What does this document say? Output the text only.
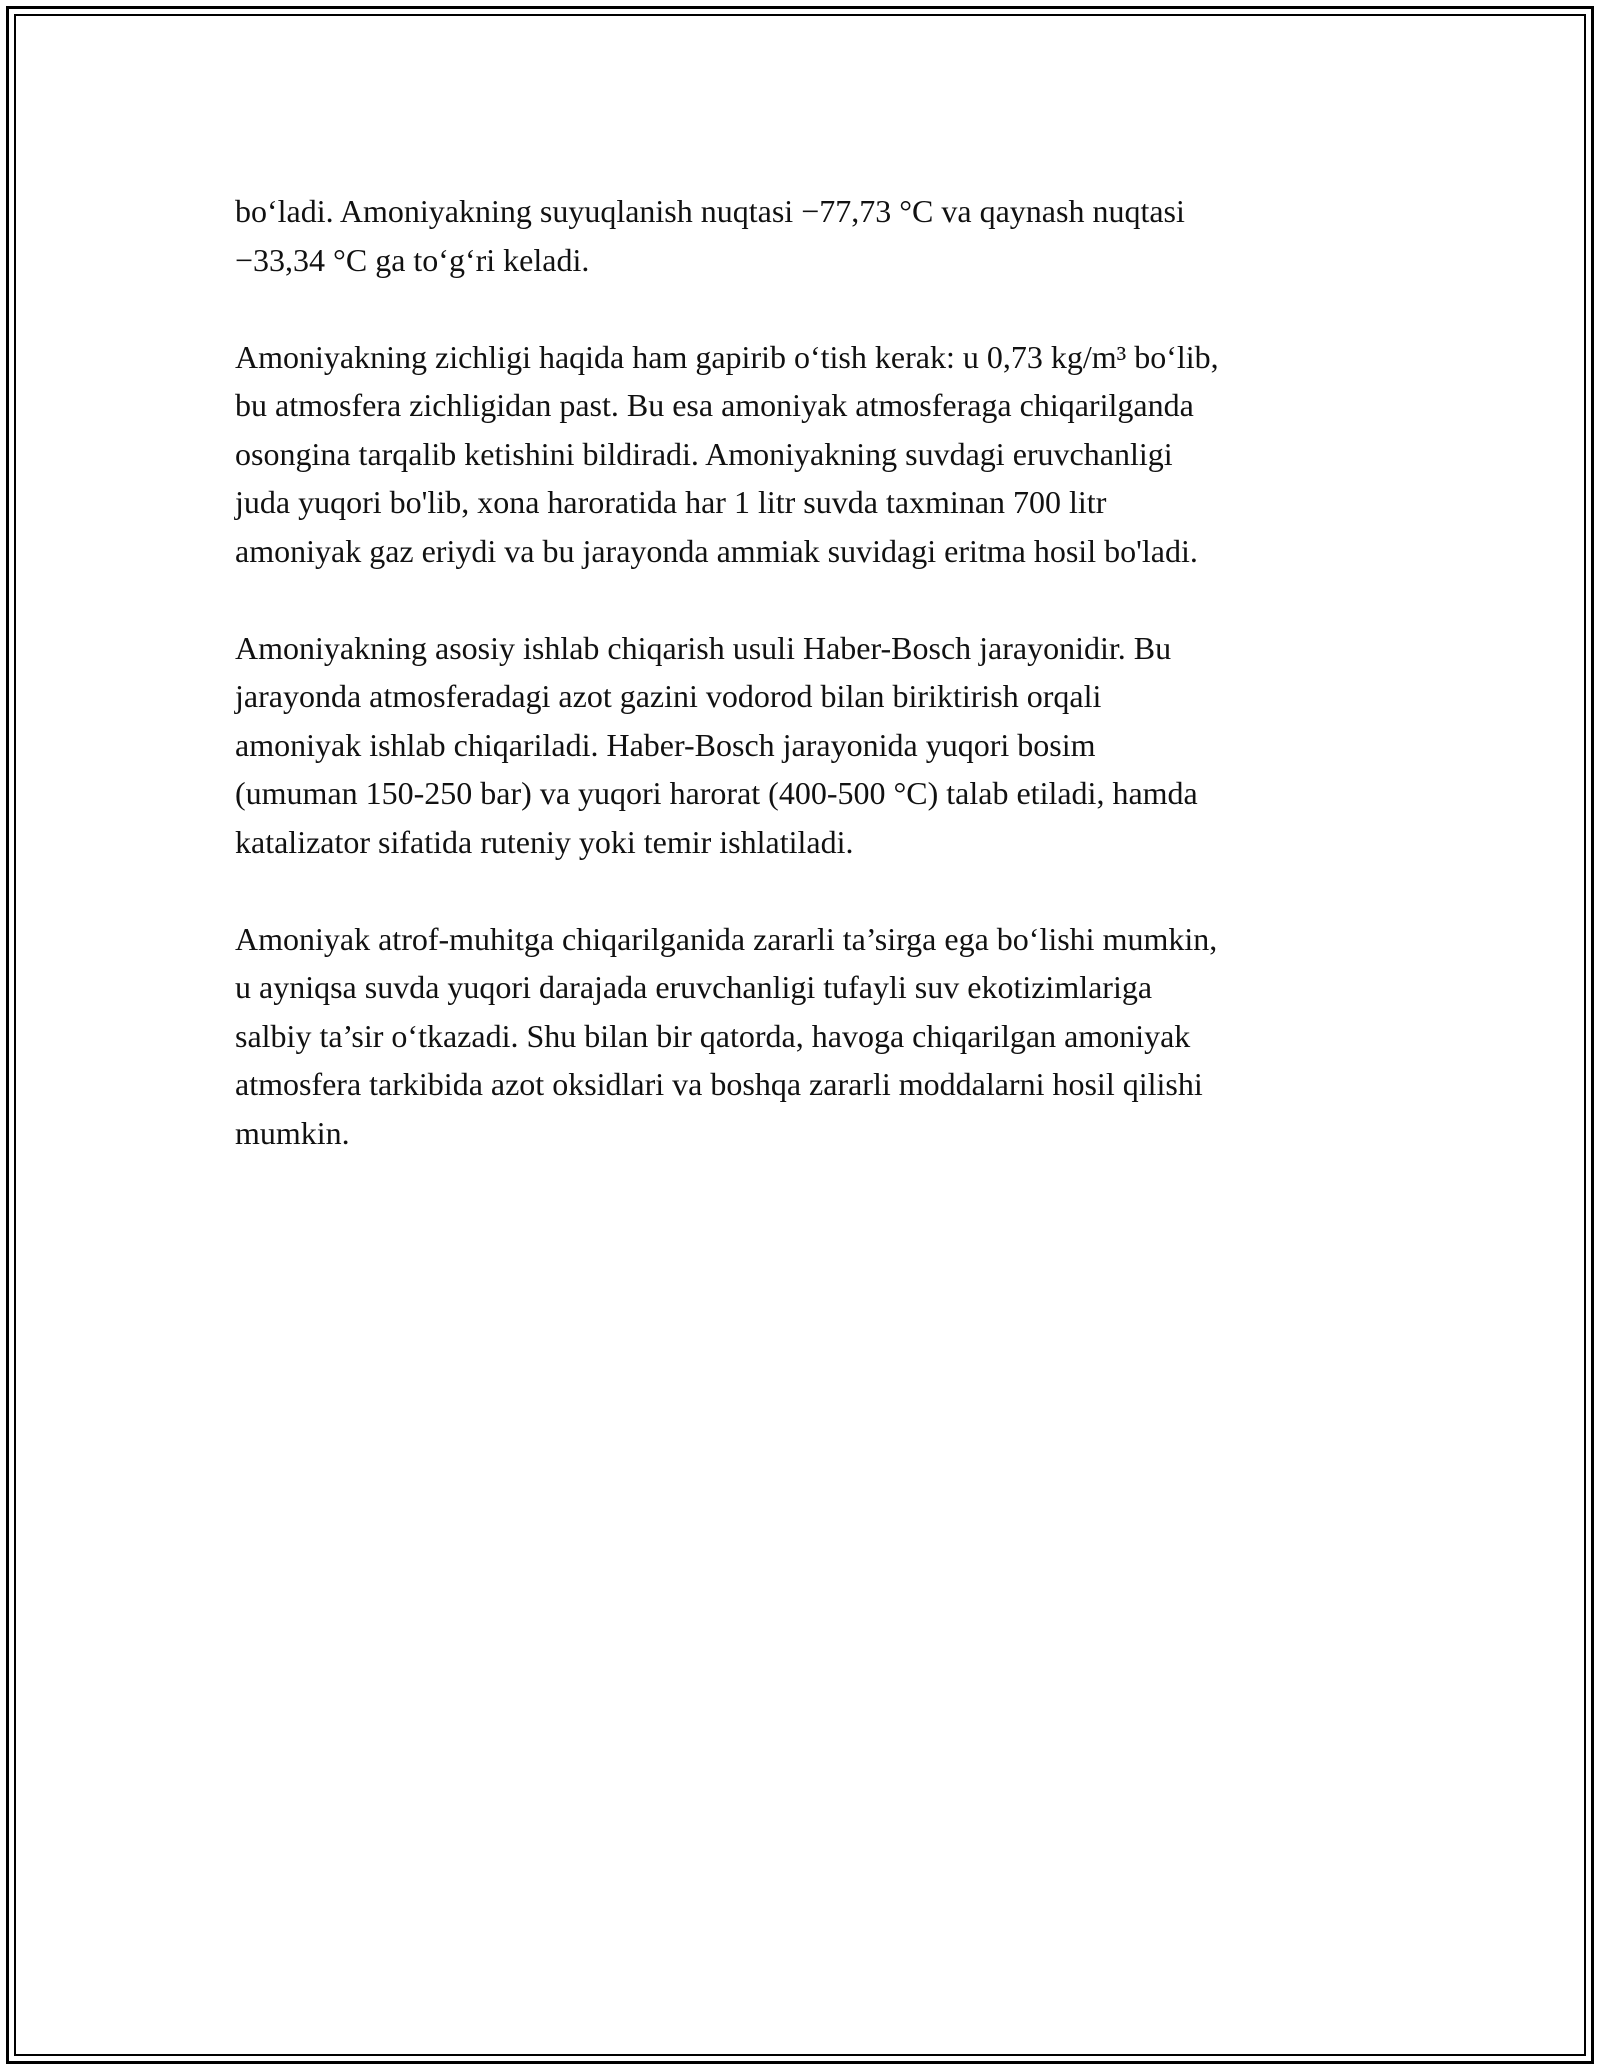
bo‘ladi. Amoniyakning suyuqlanish nuqtasi −77,73 °C va qaynash nuqtasi
−33,34 °C ga to‘g‘ri keladi.

Amoniyakning zichligi haqida ham gapirib o‘tish kerak: u 0,73 kg/m³ bo‘lib,
bu atmosfera zichligidan past. Bu esa amoniyak atmosferaga chiqarilganda
osongina tarqalib ketishini bildiradi. Amoniyakning suvdagi eruvchanligi
juda yuqori bo'lib, xona haroratida har 1 litr suvda taxminan 700 litr
amoniyak gaz eriydi va bu jarayonda ammiak suvidagi eritma hosil bo'ladi.

Amoniyakning asosiy ishlab chiqarish usuli Haber-Bosch jarayonidir. Bu
jarayonda atmosferadagi azot gazini vodorod bilan biriktirish orqali
amoniyak ishlab chiqariladi. Haber-Bosch jarayonida yuqori bosim
(umuman 150-250 bar) va yuqori harorat (400-500 °C) talab etiladi, hamda
katalizator sifatida ruteniy yoki temir ishlatiladi.

Amoniyak atrof-muhitga chiqarilganida zararli ta’sirga ega bo‘lishi mumkin,
u ayniqsa suvda yuqori darajada eruvchanligi tufayli suv ekotizimlariga
salbiy ta’sir o‘tkazadi. Shu bilan bir qatorda, havoga chiqarilgan amoniyak
atmosfera tarkibida azot oksidlari va boshqa zararli moddalarni hosil qilishi
mumkin.
